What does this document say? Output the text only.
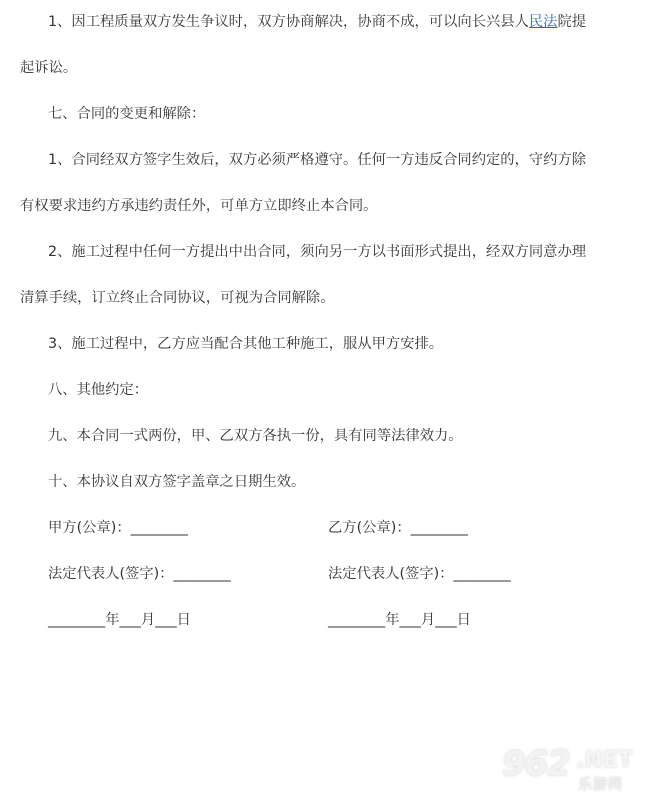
1、因工程质量双方发生争议时，双方协商解决，协商不成，可以向长兴县人民法院提
起诉讼。
七、合同的变更和解除：
1、合同经双方签字生效后，双方必须严格遵守。任何一方违反合同约定的，守约方除
有权要求违约方承违约责任外，可单方立即终止本合同。
2、施工过程中任何一方提出中出合同，须向另一方以书面形式提出，经双方同意办理
清算手续，订立终止合同协议，可视为合同解除。
3、施工过程中，乙方应当配合其他工种施工，服从甲方安排。
八、其他约定：
九、本合同一式两份，甲、乙双方各执一份，具有同等法律效力。
十、本协议自双方签字盖章之日期生效。
甲方(公章)：________	乙方(公章)：________
法定代表人(签字)：________	法定代表人(签字)：________
________年___月___日	________年___月___日
962 .NET
乐游网
